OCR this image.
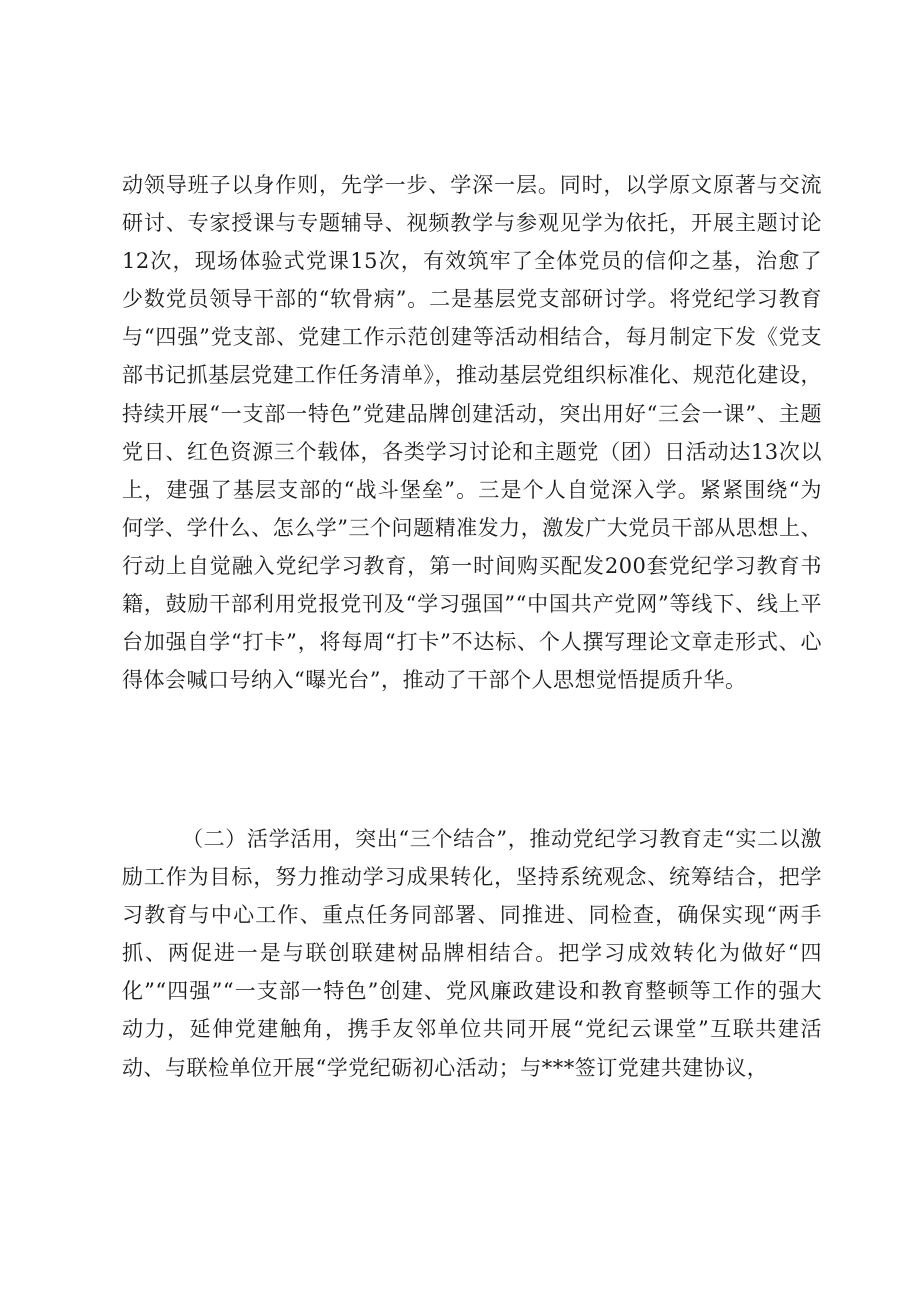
动领导班子以身作则，先学一步、学深一层。同时，以学原文原著与交流研讨、专家授课与专题辅导、视频教学与参观见学为依托，开展主题讨论12次，现场体验式党课15次，有效筑牢了全体党员的信仰之基，治愈了少数党员领导干部的“软骨病”。二是基层党支部研讨学。将党纪学习教育与“四强”党支部、党建工作示范创建等活动相结合，每月制定下发《党支部书记抓基层党建工作任务清单》，推动基层党组织标准化、规范化建设，持续开展“一支部一特色”党建品牌创建活动，突出用好“三会一课”、主题党日、红色资源三个载体，各类学习讨论和主题党（团）日活动达13次以上，建强了基层支部的“战斗堡垒”。三是个人自觉深入学。紧紧围绕“为何学、学什么、怎么学”三个问题精准发力，激发广大党员干部从思想上、行动上自觉融入党纪学习教育，第一时间购买配发200套党纪学习教育书籍，鼓励干部利用党报党刊及“学习强国”“中国共产党网”等线下、线上平台加强自学“打卡”，将每周“打卡”不达标、个人撰写理论文章走形式、心得体会喊口号纳入“曝光台”，推动了干部个人思想觉悟提质升华。

（二）活学活用，突出“三个结合”，推动党纪学习教育走“实二以激励工作为目标，努力推动学习成果转化，坚持系统观念、统筹结合，把学习教育与中心工作、重点任务同部署、同推进、同检查，确保实现“两手抓、两促进一是与联创联建树品牌相结合。把学习成效转化为做好“四化”“四强”“一支部一特色”创建、党风廉政建设和教育整顿等工作的强大动力，延伸党建触角，携手友邻单位共同开展“党纪云课堂”互联共建活动、与联检单位开展“学党纪砺初心活动；与***签订党建共建协议，
